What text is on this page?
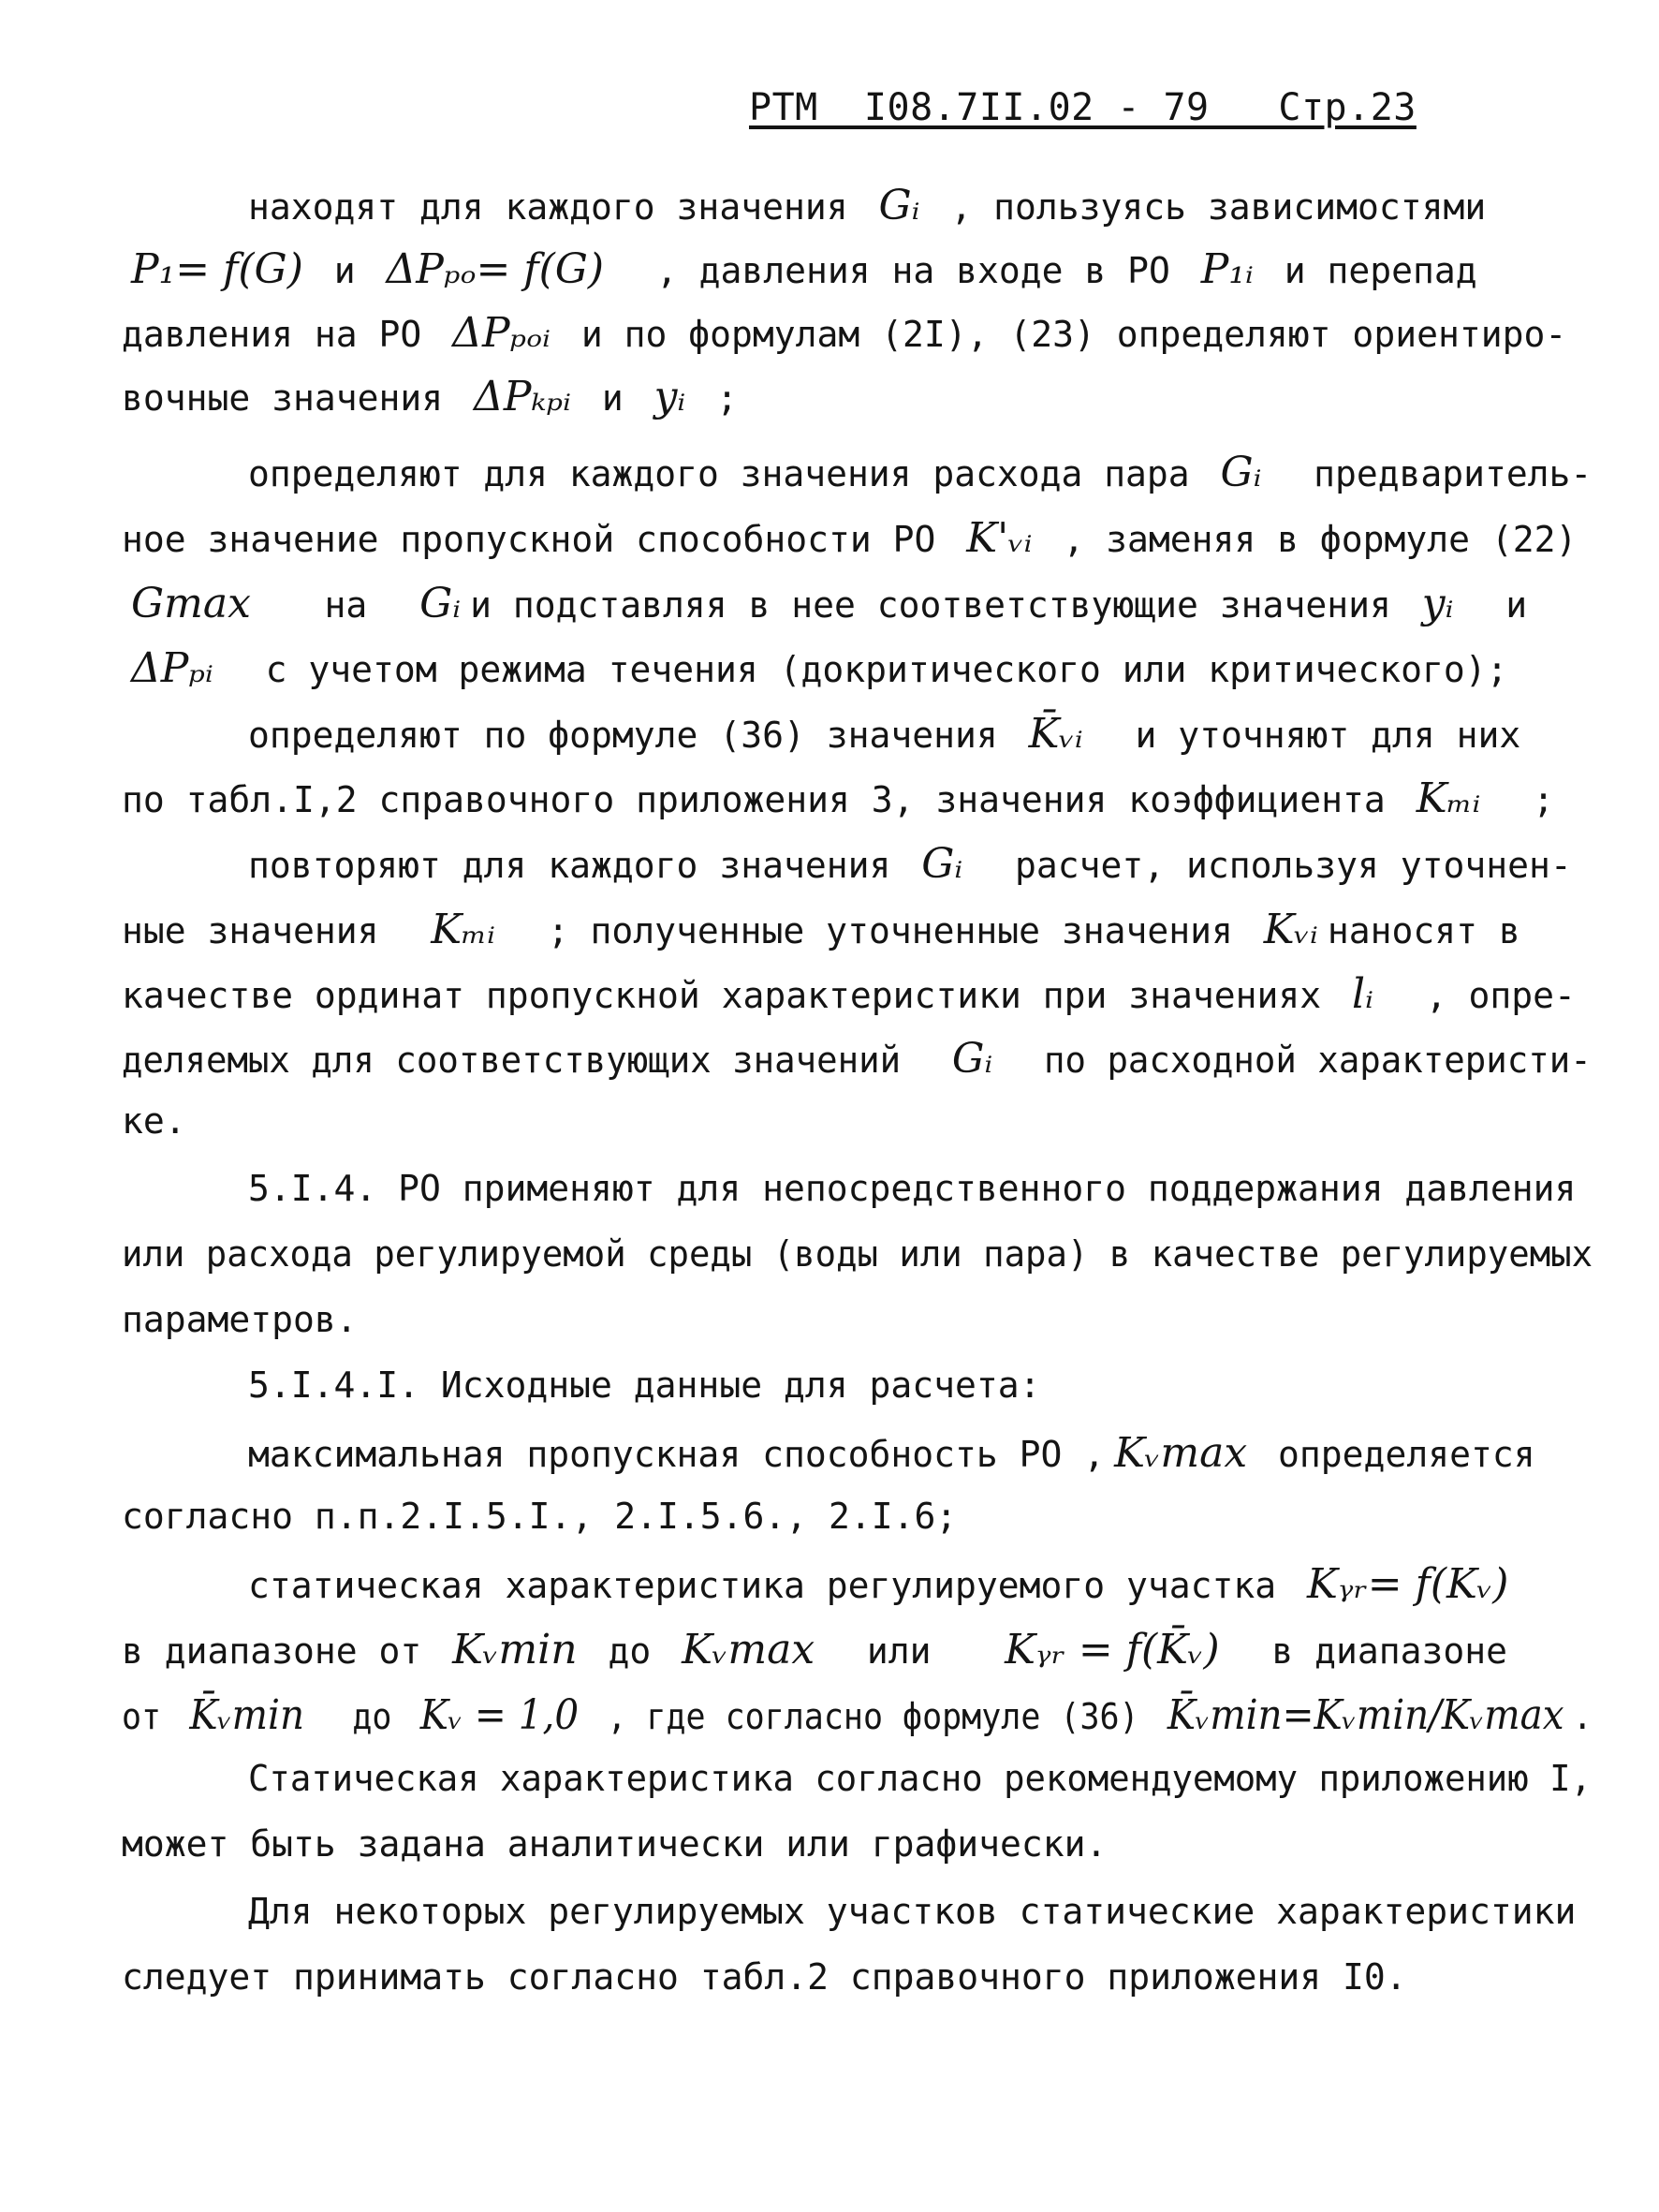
РТМ  I08.7II.02 - 79   Стр.23
находят для каждого значения Gᵢ , пользуясь зависимостями
P₁= f(G) и ΔPₚₒ= f(G)  , давления на входе в РО P₁ᵢ и перепад
давления на РО ΔPₚₒᵢ и по формулам (2I), (23) определяют ориентиро-
вочные значения ΔPₖₚᵢ и yᵢ ;
определяют для каждого значения расхода пара Gᵢ  предваритель-
ное значение пропускной способности РО K'ᵥᵢ , заменяя в формуле (22)
Gmax   на  Gᵢ и подставляя в нее соответствующие значения yᵢ  и
ΔPₚᵢ  с учетом режима течения (докритического или критического);
определяют по формуле (36) значения K̄ᵥᵢ  и уточняют для них
по табл.I,2 справочного приложения 3, значения коэффициента Kₘᵢ  ;
повторяют для каждого значения Gᵢ  расчет, используя уточнен-
ные значения  Kₘᵢ  ; полученные уточненные значения Kᵥᵢ наносят в
качестве ординат пропускной характеристики при значениях lᵢ  , опре-
деляемых для соответствующих значений  Gᵢ  по расходной характеристи-
ке.
5.I.4. РО применяют для непосредственного поддержания давления
или расхода регулируемой среды (воды или пара) в качестве регулируемых
параметров.
5.I.4.I. Исходные данные для расчета:
максимальная пропускная способность РО , Kᵥmax определяется
согласно п.п.2.I.5.I., 2.I.5.6., 2.I.6;
статическая характеристика регулируемого участка Kᵧᵣ= f(Kᵥ)
в диапазоне от Kᵥmin до Kᵥmax  или   Kᵧᵣ = f(K̄ᵥ)  в диапазоне
от K̄ᵥmin  до Kᵥ = 1,0 , где согласно формуле (36) K̄ᵥmin=Kᵥmin/Kᵥmax .
Статическая характеристика согласно рекомендуемому приложению I,
может быть задана аналитически или графически.
Для некоторых регулируемых участков статические характеристики
следует принимать согласно табл.2 справочного приложения I0.
